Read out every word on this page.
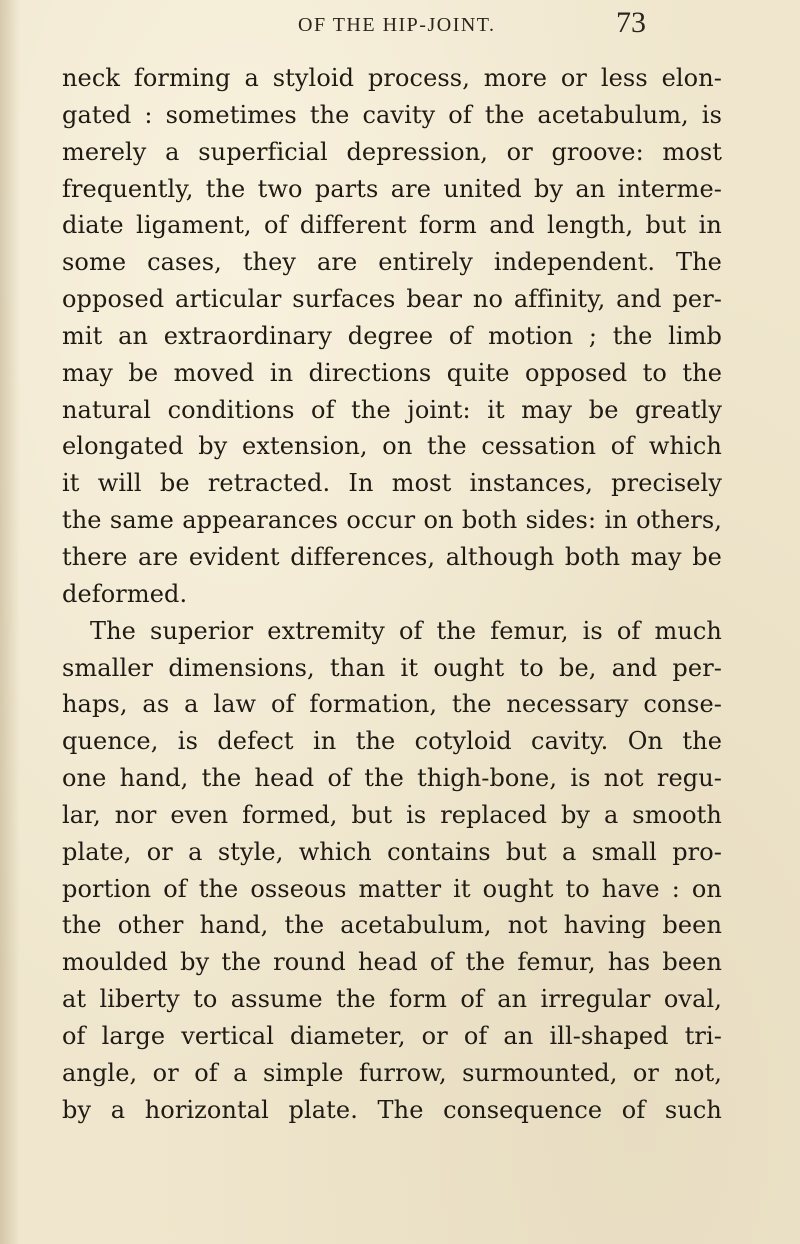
OF THE HIP-JOINT.	73
neck forming a styloid process, more or less elon-
gated : sometimes the cavity of the acetabulum, is
merely a superficial depression, or groove: most
frequently, the two parts are united by an interme-
diate ligament, of different form and length, but in
some cases, they are entirely independent. The
opposed articular surfaces bear no affinity, and per-
mit an extraordinary degree of motion ; the limb
may be moved in directions quite opposed to the
natural conditions of the joint: it may be greatly
elongated by extension, on the cessation of which
it will be retracted. In most instances, precisely
the same appearances occur on both sides: in others,
there are evident differences, although both may be
deformed.
The superior extremity of the femur, is of much
smaller dimensions, than it ought to be, and per-
haps, as a law of formation, the necessary conse-
quence, is defect in the cotyloid cavity. On the
one hand, the head of the thigh-bone, is not regu-
lar, nor even formed, but is replaced by a smooth
plate, or a style, which contains but a small pro-
portion of the osseous matter it ought to have : on
the other hand, the acetabulum, not having been
moulded by the round head of the femur, has been
at liberty to assume the form of an irregular oval,
of large vertical diameter, or of an ill-shaped tri-
angle, or of a simple furrow, surmounted, or not,
by a horizontal plate. The consequence of such
